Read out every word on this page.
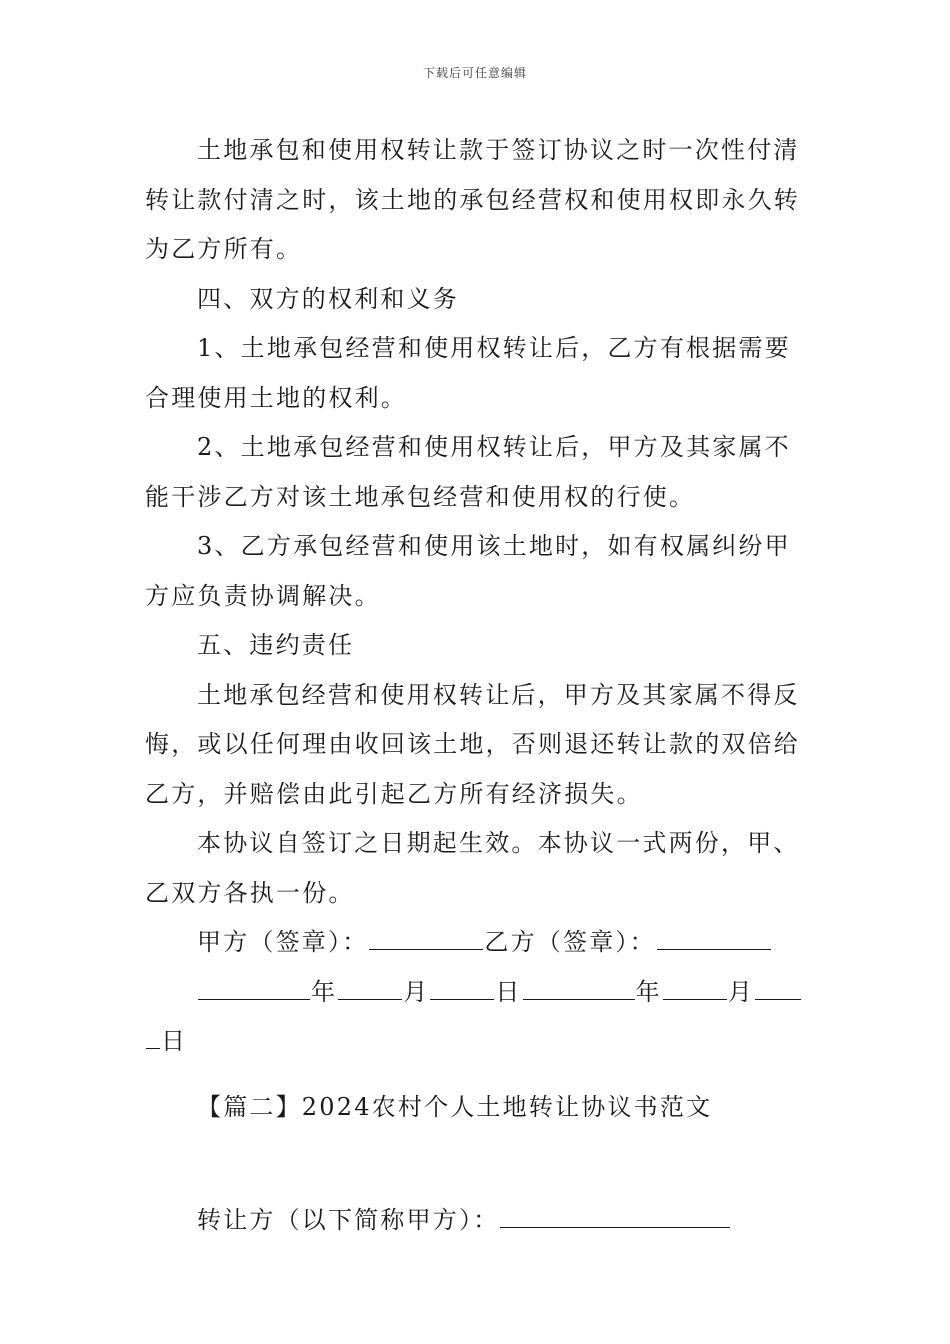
下载后可任意编辑

土地承包和使用权转让款于签订协议之时一次性付清转让款付清之时，该土地的承包经营权和使用权即永久转为乙方所有。

四、双方的权利和义务

1、土地承包经营和使用权转让后，乙方有根据需要合理使用土地的权利。

2、土地承包经营和使用权转让后，甲方及其家属不能干涉乙方对该土地承包经营和使用权的行使。

3、乙方承包经营和使用该土地时，如有权属纠纷甲方应负责协调解决。

五、违约责任

土地承包经营和使用权转让后，甲方及其家属不得反悔，或以任何理由收回该土地，否则退还转让款的双倍给乙方，并赔偿由此引起乙方所有经济损失。

本协议自签订之日期起生效。本协议一式两份，甲、乙双方各执一份。

甲方（签章）：	乙方（签章）：

年	月	日	年	月

日

【篇二】2024农村个人土地转让协议书范文

转让方（以下简称甲方）：
